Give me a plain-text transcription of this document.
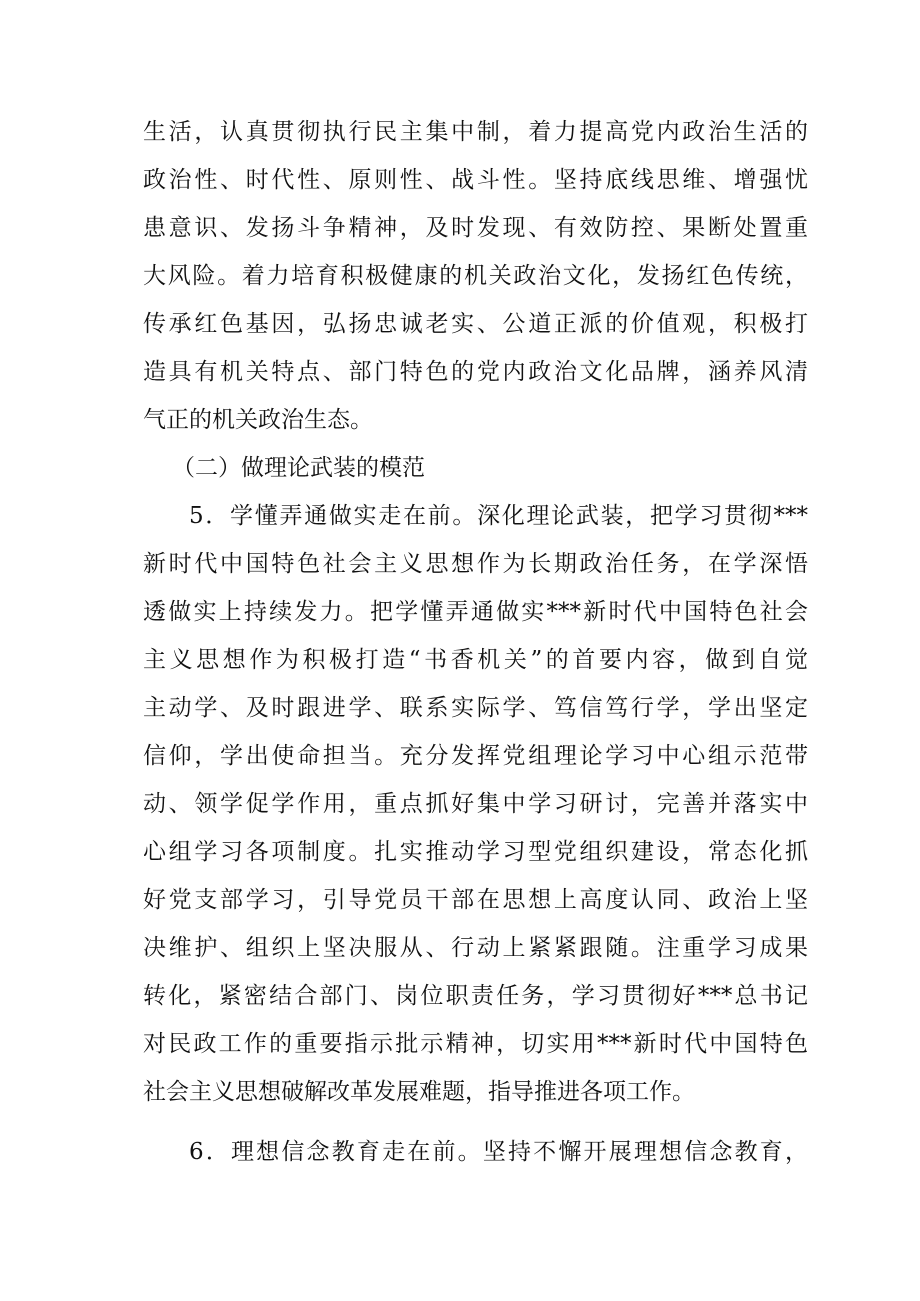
生活，认真贯彻执行民主集中制，着力提高党内政治生活的
政治性、时代性、原则性、战斗性。坚持底线思维、增强忧
患意识、发扬斗争精神，及时发现、有效防控、果断处置重
大风险。着力培育积极健康的机关政治文化，发扬红色传统，
传承红色基因，弘扬忠诚老实、公道正派的价值观，积极打
造具有机关特点、部门特色的党内政治文化品牌，涵养风清
气正的机关政治生态。
（二）做理论武装的模范
5．学懂弄通做实走在前。深化理论武装，把学习贯彻***
新时代中国特色社会主义思想作为长期政治任务，在学深悟
透做实上持续发力。把学懂弄通做实***新时代中国特色社会
主义思想作为积极打造“书香机关”的首要内容，做到自觉
主动学、及时跟进学、联系实际学、笃信笃行学，学出坚定
信仰，学出使命担当。充分发挥党组理论学习中心组示范带
动、领学促学作用，重点抓好集中学习研讨，完善并落实中
心组学习各项制度。扎实推动学习型党组织建设，常态化抓
好党支部学习，引导党员干部在思想上高度认同、政治上坚
决维护、组织上坚决服从、行动上紧紧跟随。注重学习成果
转化，紧密结合部门、岗位职责任务，学习贯彻好***总书记
对民政工作的重要指示批示精神，切实用***新时代中国特色
社会主义思想破解改革发展难题，指导推进各项工作。
6．理想信念教育走在前。坚持不懈开展理想信念教育，
